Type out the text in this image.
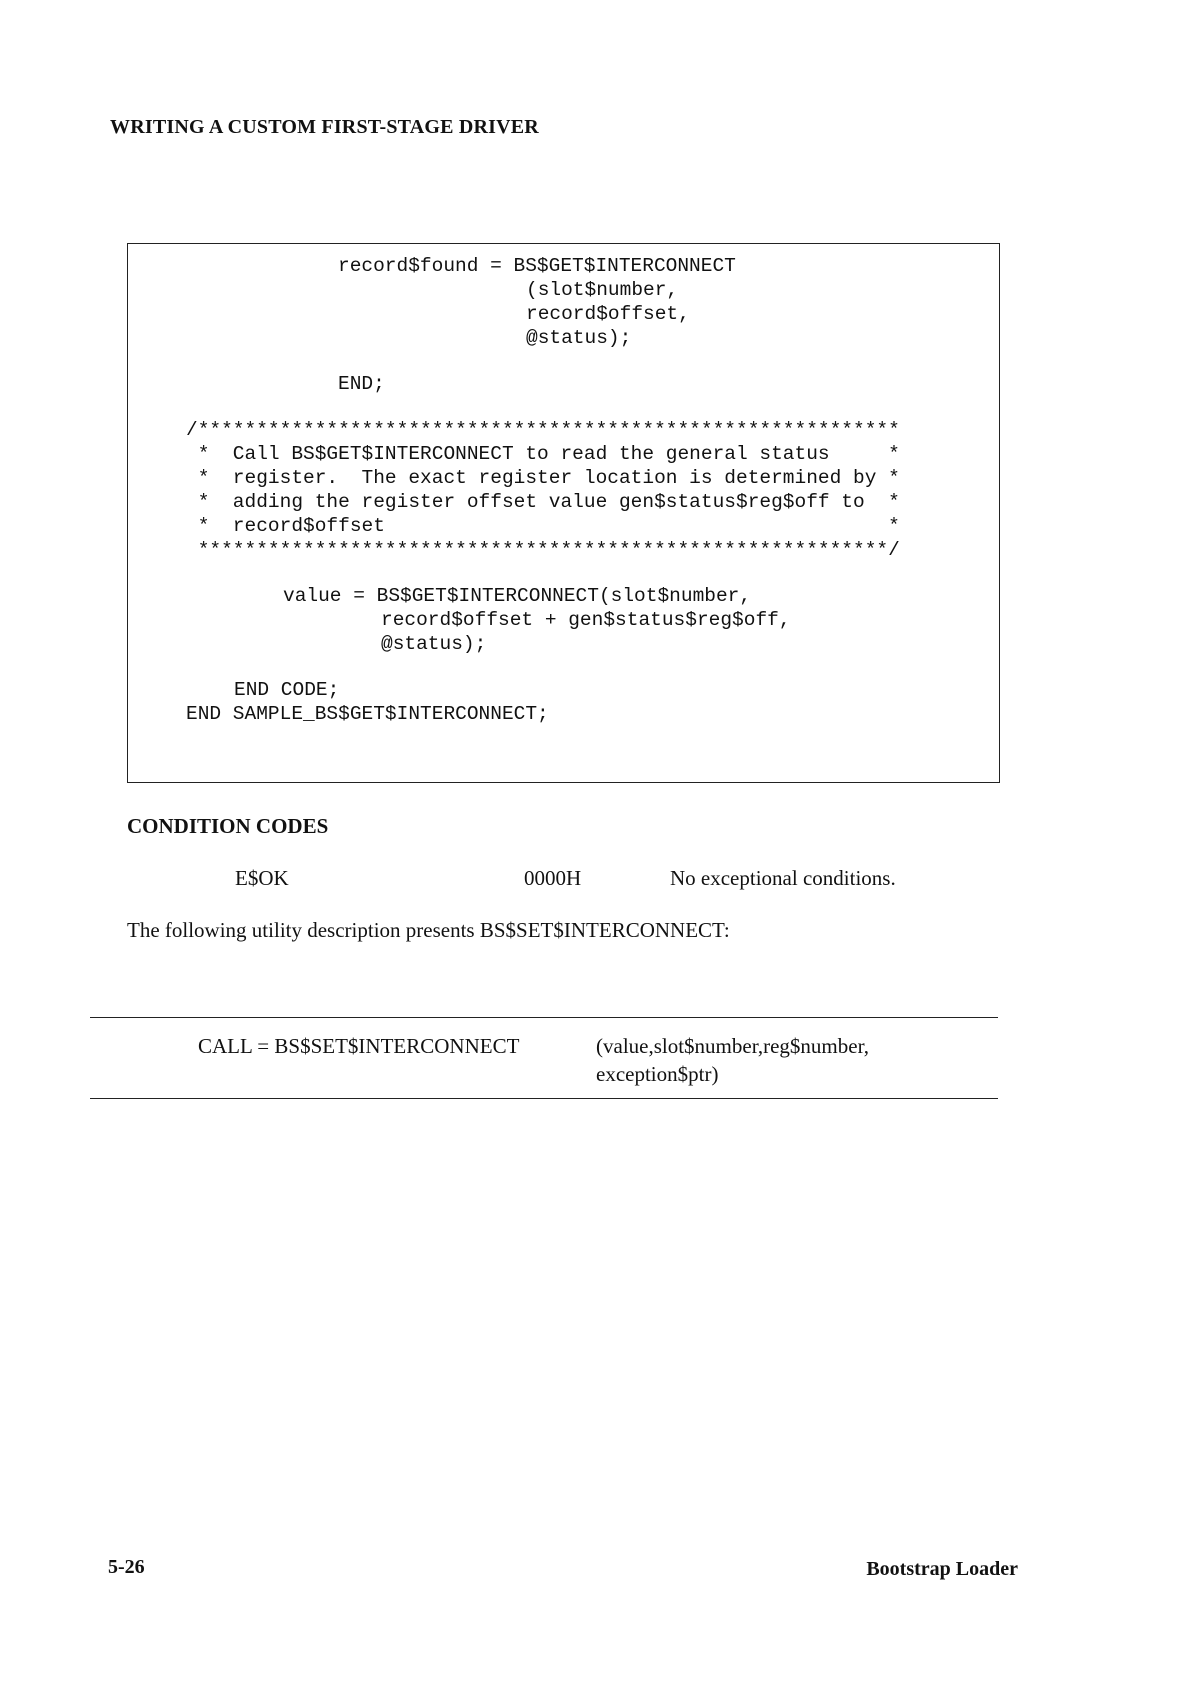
WRITING A CUSTOM FIRST-STAGE DRIVER
record$found = BS$GET$INTERCONNECT
(slot$number,
record$offset,
@status);
END;
/************************************************************
*  Call BS$GET$INTERCONNECT to read the general status     *
*  register.  The exact register location is determined by *
*  adding the register offset value gen$status$reg$off to  *
*  record$offset                                           *
***********************************************************/
value = BS$GET$INTERCONNECT(slot$number,
record$offset + gen$status$reg$off,
@status);
END CODE;
END SAMPLE_BS$GET$INTERCONNECT;
CONDITION CODES
E$OK	0000H	No exceptional conditions.
The following utility description presents BS$SET$INTERCONNECT:
CALL = BS$SET$INTERCONNECT	(value,slot$number,reg$number,
exception$ptr)
5-26	Bootstrap Loader
